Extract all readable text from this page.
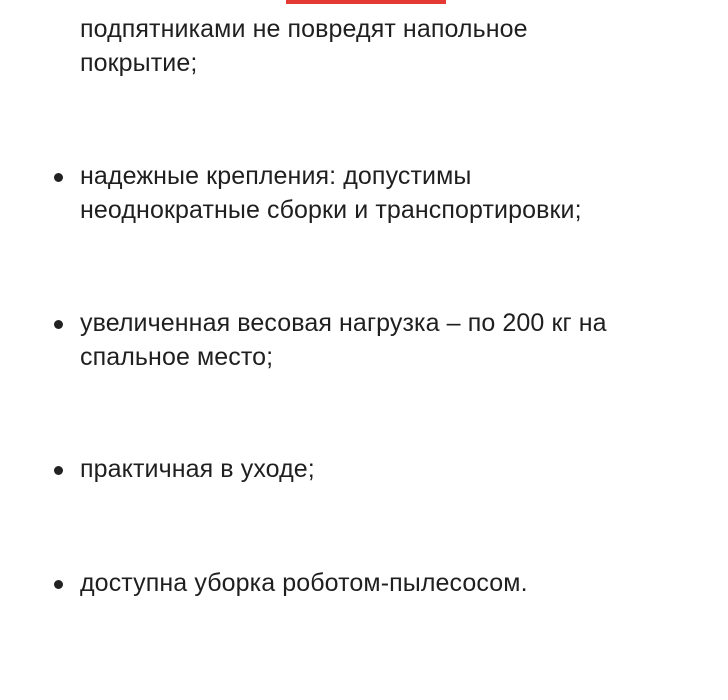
подпятниками не повредят напольное
покрытие;
надежные крепления: допустимы
неоднократные сборки и транспортировки;
увеличенная весовая нагрузка – по 200 кг на
спальное место;
практичная в уходе;
доступна уборка роботом-пылесосом.
